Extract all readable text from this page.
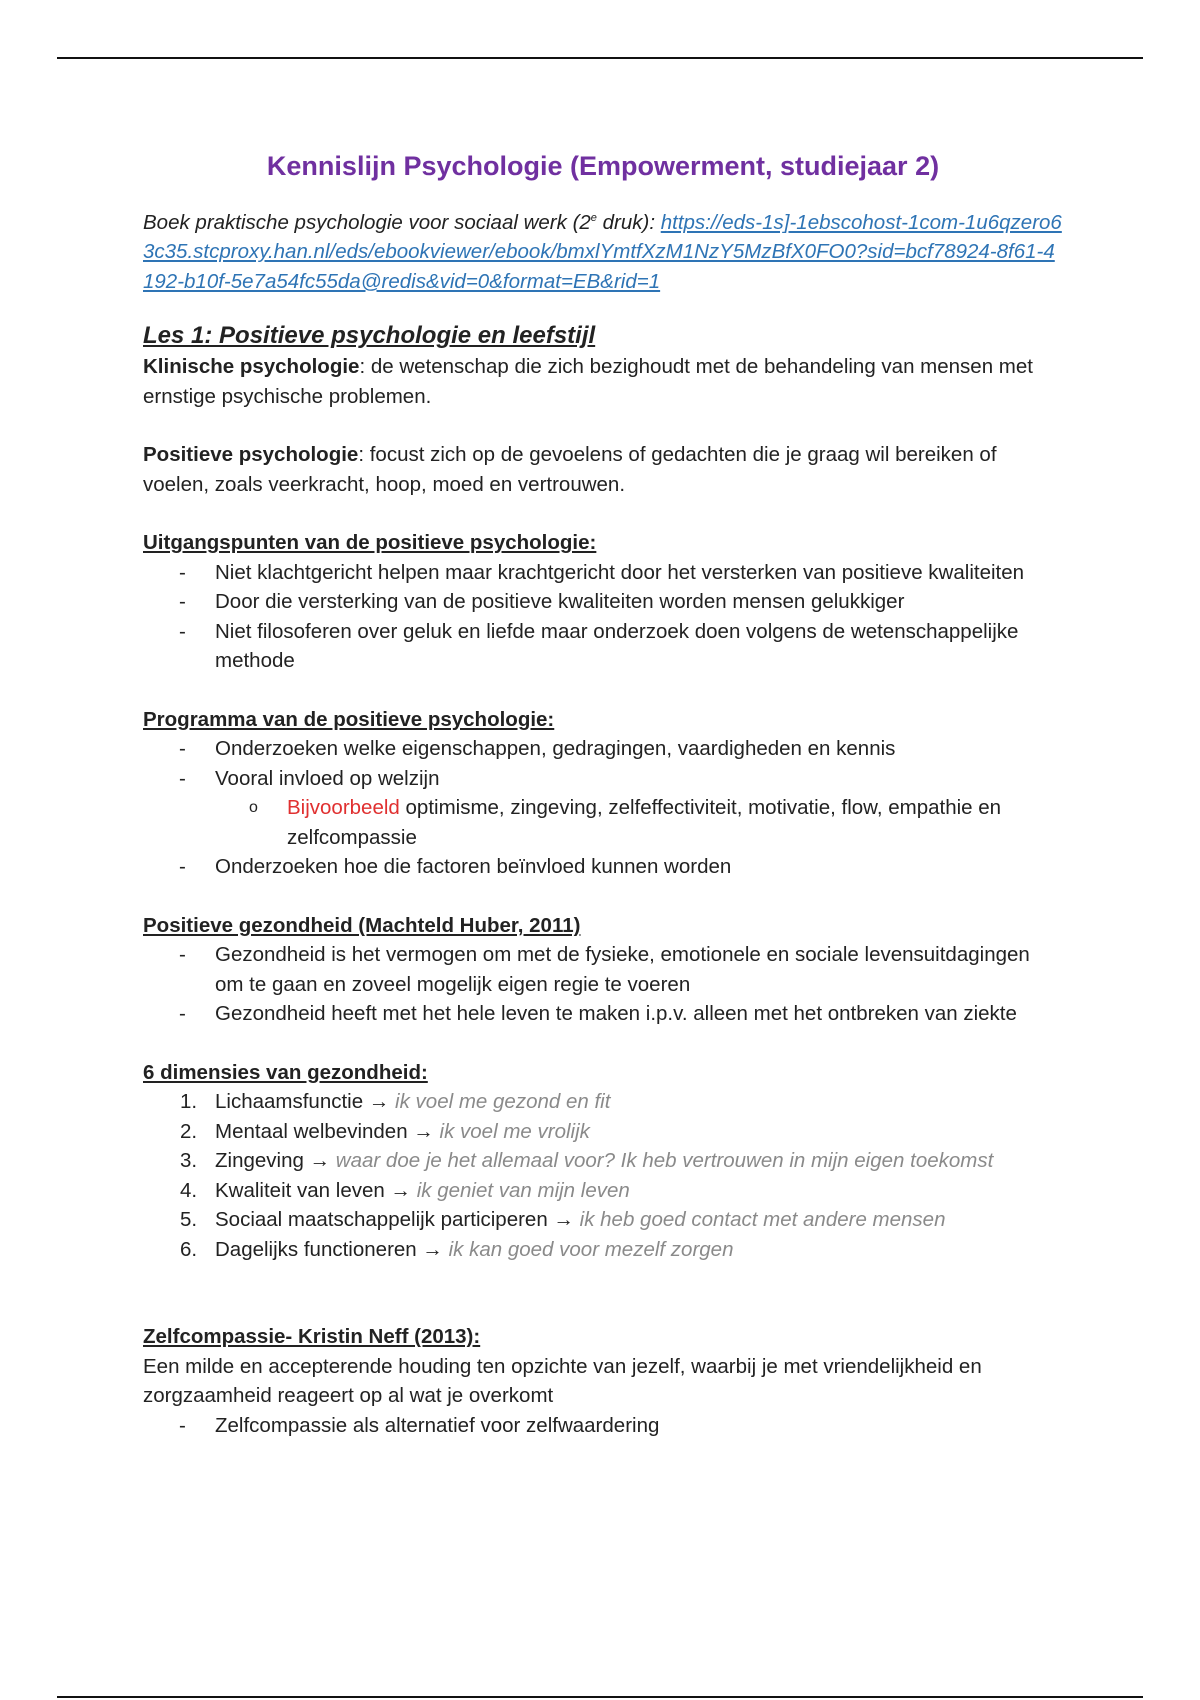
Kennislijn Psychologie (Empowerment, studiejaar 2)

Boek praktische psychologie voor sociaal werk (2e druk): https://eds-1s]-1ebscohost-1com-1u6qzero63c35.stcproxy.han.nl/eds/ebookviewer/ebook/bmxlYmtfXzM1NzY5MzBfX0FO0?sid=bcf78924-8f61-4192-b10f-5e7a54fc55da@redis&vid=0&format=EB&rid=1

Les 1: Positieve psychologie en leefstijl

Klinische psychologie: de wetenschap die zich bezighoudt met de behandeling van mensen met ernstige psychische problemen.

Positieve psychologie: focust zich op de gevoelens of gedachten die je graag wil bereiken of voelen, zoals veerkracht, hoop, moed en vertrouwen.

Uitgangspunten van de positieve psychologie:

- Niet klachtgericht helpen maar krachtgericht door het versterken van positieve kwaliteiten
- Door die versterking van de positieve kwaliteiten worden mensen gelukkiger
- Niet filosoferen over geluk en liefde maar onderzoek doen volgens de wetenschappelijke methode

Programma van de positieve psychologie:

- Onderzoeken welke eigenschappen, gedragingen, vaardigheden en kennis
- Vooral invloed op welzijn
o Bijvoorbeeld optimisme, zingeving, zelfeffectiviteit, motivatie, flow, empathie en zelfcompassie
- Onderzoeken hoe die factoren beïnvloed kunnen worden

Positieve gezondheid (Machteld Huber, 2011)

- Gezondheid is het vermogen om met de fysieke, emotionele en sociale levensuitdagingen om te gaan en zoveel mogelijk eigen regie te voeren
- Gezondheid heeft met het hele leven te maken i.p.v. alleen met het ontbreken van ziekte

6 dimensies van gezondheid:

1. Lichaamsfunctie → ik voel me gezond en fit
2. Mentaal welbevinden → ik voel me vrolijk
3. Zingeving → waar doe je het allemaal voor? Ik heb vertrouwen in mijn eigen toekomst
4. Kwaliteit van leven → ik geniet van mijn leven
5. Sociaal maatschappelijk participeren → ik heb goed contact met andere mensen
6. Dagelijks functioneren → ik kan goed voor mezelf zorgen

Zelfcompassie- Kristin Neff (2013):

Een milde en accepterende houding ten opzichte van jezelf, waarbij je met vriendelijkheid en zorgzaamheid reageert op al wat je overkomt

- Zelfcompassie als alternatief voor zelfwaardering
